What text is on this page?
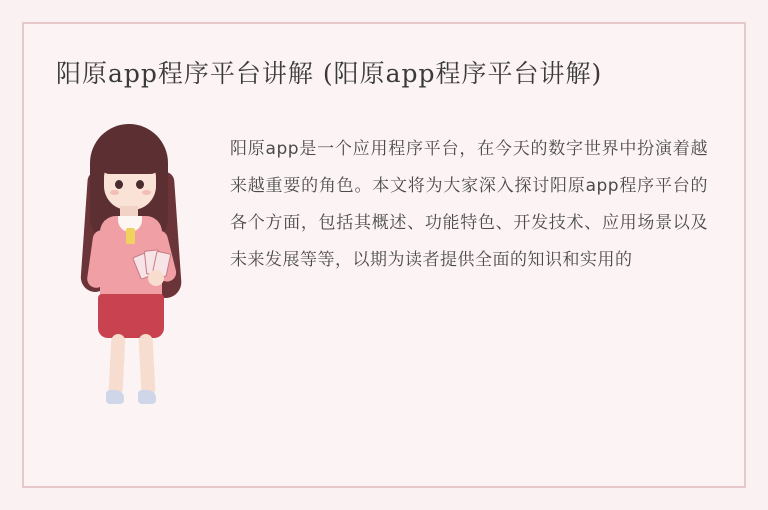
阳原app程序平台讲解 (阳原app程序平台讲解)

阳原app是一个应用程序平台，在今天的数字世界中扮演着越来越重要的角色。本文将为大家深入探讨阳原app程序平台的各个方面，包括其概述、功能特色、开发技术、应用场景以及未来发展等等，以期为读者提供全面的知识和实用的
